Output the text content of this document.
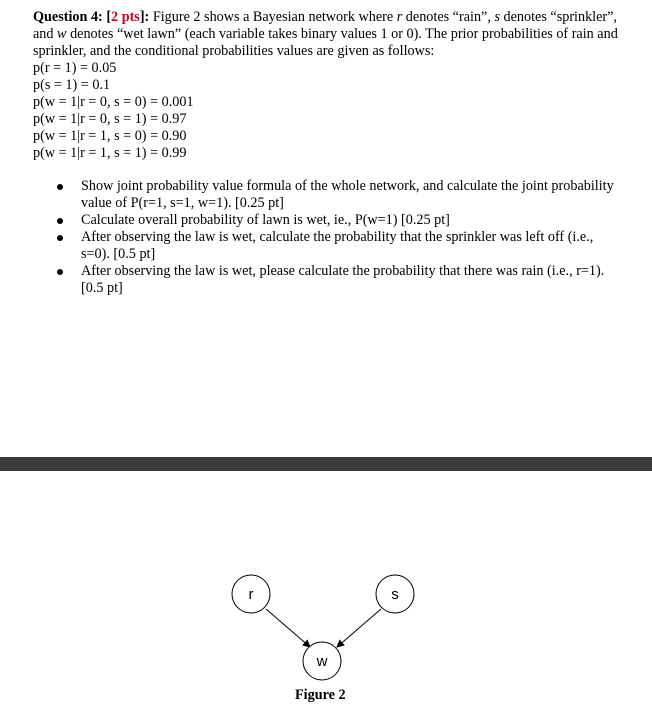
Question 4: [2 pts]: Figure 2 shows a Bayesian network where r denotes “rain”, s denotes “sprinkler”, and w denotes “wet lawn” (each variable takes binary values 1 or 0). The prior probabilities of rain and sprinkler, and the conditional probabilities values are given as follows:
p(r = 1) = 0.05
p(s = 1) = 0.1
p(w = 1|r = 0, s = 0) = 0.001
p(w = 1|r = 0, s = 1) = 0.97
p(w = 1|r = 1, s = 0) = 0.90
p(w = 1|r = 1, s = 1) = 0.99
Show joint probability value formula of the whole network, and calculate the joint probability value of P(r=1, s=1, w=1). [0.25 pt]
Calculate overall probability of lawn is wet, ie., P(w=1) [0.25 pt]
After observing the law is wet, calculate the probability that the sprinkler was left off (i.e., s=0). [0.5 pt]
After observing the law is wet, please calculate the probability that there was rain (i.e., r=1). [0.5 pt]
r	s
w
Figure 2
